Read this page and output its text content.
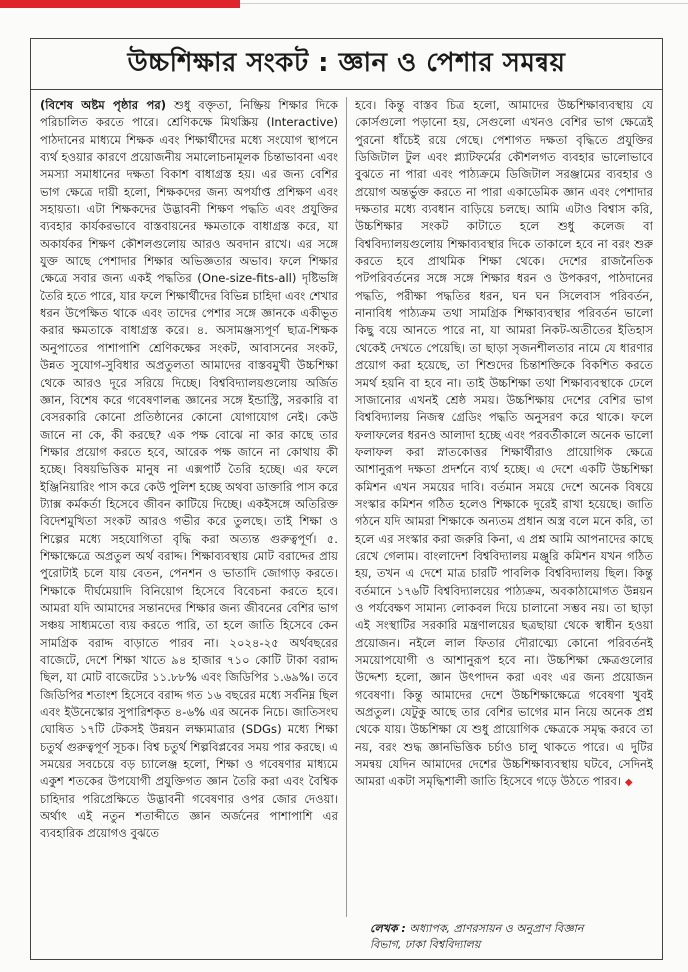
উচ্চশিক্ষার সংকট : জ্ঞান ও পেশার সমন্বয়

(বিশেষ অষ্টম পৃষ্ঠার পর) শুধু বক্তৃতা, নিষ্ক্রিয় শিক্ষার দিকে পরিচালিত করতে পারে। শ্রেণিকক্ষে মিথস্ক্রিয় (Interactive) পাঠদানের মাধ্যমে শিক্ষক এবং শিক্ষার্থীদের মধ্যে সংযোগ স্থাপনে ব্যর্থ হওয়ার কারণে প্রয়োজনীয় সমালোচনামূলক চিন্তাভাবনা এবং সমস্যা সমাধানের দক্ষতা বিকাশ বাধাগ্রস্ত হয়। এর জন্য বেশির ভাগ ক্ষেত্রে দায়ী হলো, শিক্ষকদের জন্য অপর্যাপ্ত প্রশিক্ষণ এবং সহায়তা। এটা শিক্ষকদের উদ্ভাবনী শিক্ষণ পদ্ধতি এবং প্রযুক্তির ব্যবহার কার্যকরভাবে বাস্তবায়নের ক্ষমতাকে বাধাগ্রস্ত করে, যা অকার্যকর শিক্ষণ কৌশলগুলোয় আরও অবদান রাখে। এর সঙ্গে যুক্ত আছে পেশাদার শিক্ষার অভিজ্ঞতার অভাব। ফলে শিক্ষার ক্ষেত্রে সবার জন্য একই পদ্ধতির (One-size-fits-all) দৃষ্টিভঙ্গি তৈরি হতে পারে, যার ফলে শিক্ষার্থীদের বিভিন্ন চাহিদা এবং শেখার ধরন উপেক্ষিত থাকে এবং তাদের পেশার সঙ্গে জ্ঞানকে একীভূত করার ক্ষমতাকে বাধাগ্রস্ত করে। ৪. অসামঞ্জস্যপূর্ণ ছাত্র-শিক্ষক অনুপাতের পাশাপাশি শ্রেণিকক্ষের সংকট, আবাসনের সংকট, উন্নত সুযোগ-সুবিধার অপ্রতুলতা আমাদের বাস্তবমুখী উচ্চশিক্ষা থেকে আরও দূরে সরিয়ে দিচ্ছে। বিশ্ববিদ্যালয়গুলোয় অর্জিত জ্ঞান, বিশেষ করে গবেষণালব্ধ জ্ঞানের সঙ্গে ইন্ডাস্ট্রি, সরকারি বা বেসরকারি কোনো প্রতিষ্ঠানের কোনো যোগাযোগ নেই। কেউ জানে না কে, কী করছে? এক পক্ষ বোঝে না কার কাছে তার শিক্ষার প্রয়োগ করতে হবে, আরেক পক্ষ জানে না কোথায় কী হচ্ছে। বিষয়ভিত্তিক মানুষ না এক্সপার্ট তৈরি হচ্ছে। এর ফলে ইঞ্জিনিয়ারিং পাস করে কেউ পুলিশ হচ্ছে অথবা ডাক্তারি পাস করে ট্যাক্স কর্মকর্তা হিসেবে জীবন কাটিয়ে দিচ্ছে। একইসঙ্গে অতিরিক্ত বিদেশমুখিতা সংকট আরও গভীর করে তুলছে। তাই শিক্ষা ও শিল্পের মধ্যে সহযোগিতা বৃদ্ধি করা অত্যন্ত গুরুত্বপূর্ণ। ৫. শিক্ষাক্ষেত্রে অপ্রতুল অর্থ বরাদ্দ। শিক্ষাব্যবস্থায় মোট বরাদ্দের প্রায় পুরোটাই চলে যায় বেতন, পেনশন ও ভাতাদি জোগাড় করতে। শিক্ষাকে দীর্ঘমেয়াদি বিনিয়োগ হিসেবে বিবেচনা করতে হবে। আমরা যদি আমাদের সন্তানদের শিক্ষার জন্য জীবনের বেশির ভাগ সঞ্চয় সাধ্যমতো ব্যয় করতে পারি, তা হলে জাতি হিসেবে কেন সামগ্রিক বরাদ্দ বাড়াতে পারব না। ২০২৪-২৫ অর্থবছরের বাজেটে, দেশে শিক্ষা খাতে ৯৪ হাজার ৭১০ কোটি টাকা বরাদ্দ ছিল, যা মোট বাজেটের ১১.৮৮% এবং জিডিপির ১.৬৯%। তবে জিডিপির শতাংশ হিসেবে বরাদ্দ গত ১৬ বছরের মধ্যে সর্বনিম্ন ছিল এবং ইউনেস্কোর সুপারিশকৃত ৪-৬% এর অনেক নিচে। জাতিসংঘ ঘোষিত ১৭টি টেকসই উন্নয়ন লক্ষ্যমাত্রার (SDGs) মধ্যে শিক্ষা চতুর্থ গুরুত্বপূর্ণ সূচক। বিশ্ব চতুর্থ শিল্পবিপ্লবের সময় পার করছে। এ সময়ের সবচেয়ে বড় চ্যালেঞ্জ হলো, শিক্ষা ও গবেষণার মাধ্যমে একুশ শতকের উপযোগী প্রযুক্তিগত জ্ঞান তৈরি করা এবং বৈশ্বিক চাহিদার পরিপ্রেক্ষিতে উদ্ভাবনী গবেষণার ওপর জোর দেওয়া। অর্থাৎ এই নতুন শতাব্দীতে জ্ঞান অর্জনের পাশাপাশি এর ব্যবহারিক প্রয়োগও বুঝতে

হবে। কিন্তু বাস্তব চিত্র হলো, আমাদের উচ্চশিক্ষাব্যবস্থায় যে কোর্সগুলো পড়ানো হয়, সেগুলো এখনও বেশির ভাগ ক্ষেত্রেই পুরনো ধাঁচেই রয়ে গেছে। পেশাগত দক্ষতা বৃদ্ধিতে প্রযুক্তির ডিজিটাল টুল এবং প্ল্যাটফর্মের কৌশলগত ব্যবহার ভালোভাবে বুঝতে না পারা এবং পাঠ্যক্রমে ডিজিটাল সরঞ্জামের ব্যবহার ও প্রয়োগ অন্তর্ভুক্ত করতে না পারা একাডেমিক জ্ঞান এবং পেশাদার দক্ষতার মধ্যে ব্যবধান বাড়িয়ে চলছে। আমি এটাও বিশ্বাস করি, উচ্চশিক্ষার সংকট কাটাতে হলে শুধু কলেজ বা বিশ্ববিদ্যালয়গুলোয় শিক্ষাব্যবস্থার দিকে তাকালে হবে না বরং শুরু করতে হবে প্রাথমিক শিক্ষা থেকে। দেশের রাজনৈতিক পটপরিবর্তনের সঙ্গে সঙ্গে শিক্ষার ধরন ও উপকরণ, পাঠদানের পদ্ধতি, পরীক্ষা পদ্ধতির ধরন, ঘন ঘন সিলেবাস পরিবর্তন, নানাবিধ পাঠ্যক্রম তথা সামগ্রিক শিক্ষাব্যবস্থার পরিবর্তন ভালো কিছু বয়ে আনতে পারে না, যা আমরা নিকট-অতীতের ইতিহাস থেকেই দেখতে পেয়েছি। তা ছাড়া সৃজনশীলতার নামে যে ধারণার প্রয়োগ করা হয়েছে, তা শিশুদের চিন্তাশক্তিকে বিকশিত করতে সমর্থ হয়নি বা হবে না। তাই উচ্চশিক্ষা তথা শিক্ষাব্যবস্থাকে ঢেলে সাজানোর এখনই শ্রেষ্ঠ সময়। উচ্চশিক্ষায় দেশের বেশির ভাগ বিশ্ববিদ্যালয় নিজস্ব গ্রেডিং পদ্ধতি অনুসরণ করে থাকে। ফলে ফলাফলের ধরনও আলাদা হচ্ছে এবং পরবর্তীকালে অনেক ভালো ফলাফল করা স্নাতকোত্তর শিক্ষার্থীরাও প্রায়োগিক ক্ষেত্রে আশানুরূপ দক্ষতা প্রদর্শনে ব্যর্থ হচ্ছে। এ দেশে একটি উচ্চশিক্ষা কমিশন এখন সময়ের দাবি। বর্তমান সময়ে দেশে অনেক বিষয়ে সংস্কার কমিশন গঠিত হলেও শিক্ষাকে দূরেই রাখা হয়েছে। জাতি গঠনে যদি আমরা শিক্ষাকে অন্যতম প্রধান অস্ত্র বলে মনে করি, তা হলে এর সংস্কার করা জরুরি কিনা, এ প্রশ্ন আমি আপনাদের কাছে রেখে গেলাম। বাংলাদেশ বিশ্ববিদ্যালয় মঞ্জুরি কমিশন যখন গঠিত হয়, তখন এ দেশে মাত্র চারটি পাবলিক বিশ্ববিদ্যালয় ছিল। কিন্তু বর্তমানে ১৭৬টি বিশ্ববিদ্যালয়ের পাঠ্যক্রম, অবকাঠামোগত উন্নয়ন ও পর্যবেক্ষণ সামান্য লোকবল দিয়ে চালানো সম্ভব নয়। তা ছাড়া এই সংস্থাটির সরকারি মন্ত্রণালয়ের ছত্রছায়া থেকে স্বাধীন হওয়া প্রয়োজন। নইলে লাল ফিতার দৌরাত্ম্যে কোনো পরিবর্তনই সময়োপযোগী ও আশানুরূপ হবে না। উচ্চশিক্ষা ক্ষেত্রগুলোর উদ্দেশ্য হলো, জ্ঞান উৎপাদন করা এবং এর জন্য প্রয়োজন গবেষণা। কিন্তু আমাদের দেশে উচ্চশিক্ষাক্ষেত্রে গবেষণা খুবই অপ্রতুল। যেটুকু আছে তার বেশির ভাগের মান নিয়ে অনেক প্রশ্ন থেকে যায়। উচ্চশিক্ষা যে শুধু প্রায়োগিক ক্ষেত্রকে সমৃদ্ধ করবে তা নয়, বরং শুদ্ধ জ্ঞানভিত্তিক চর্চাও চালু থাকতে পারে। এ দুটির সমন্বয় যেদিন আমাদের দেশের উচ্চশিক্ষাব্যবস্থায় ঘটবে, সেদিনই আমরা একটা সমৃদ্ধিশালী জাতি হিসেবে গড়ে উঠতে পারব। ◆

লেখক : অধ্যাপক, প্রাণরসায়ন ও অনুপ্রাণ বিজ্ঞান
বিভাগ, ঢাকা বিশ্ববিদ্যালয়
